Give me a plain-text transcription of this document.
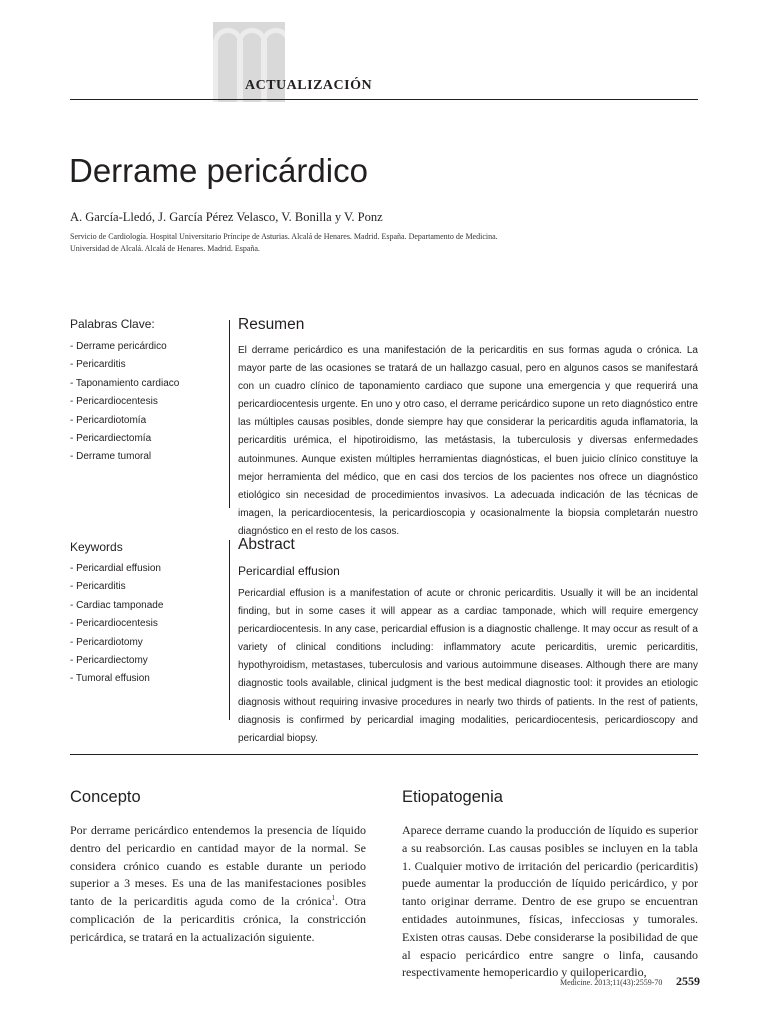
ACTUALIZACIÓN
Derrame pericárdico
A. García-Lledó, J. García Pérez Velasco, V. Bonilla y V. Ponz
Servicio de Cardiología. Hospital Universitario Príncipe de Asturias. Alcalá de Henares. Madrid. España. Departamento de Medicina. Universidad de Alcalá. Alcalá de Henares. Madrid. España.
Palabras Clave:
- Derrame pericárdico
- Pericarditis
- Taponamiento cardiaco
- Pericardiocentesis
- Pericardiotomía
- Pericardiectomía
- Derrame tumoral
Keywords
- Pericardial effusion
- Pericarditis
- Cardiac tamponade
- Pericardiocentesis
- Pericardiotomy
- Pericardiectomy
- Tumoral effusion
Resumen

El derrame pericárdico es una manifestación de la pericarditis en sus formas aguda o crónica. La mayor parte de las ocasiones se tratará de un hallazgo casual, pero en algunos casos se manifestará con un cuadro clínico de taponamiento cardiaco que supone una emergencia y que requerirá una pericardiocentesis urgente. En uno y otro caso, el derrame pericárdico supone un reto diagnóstico entre las múltiples causas posibles, donde siempre hay que considerar la pericarditis aguda inflamatoria, la pericarditis urémica, el hipotiroidismo, las metástasis, la tuberculosis y diversas enfermedades autoinmunes. Aunque existen múltiples herramientas diagnósticas, el buen juicio clínico constituye la mejor herramienta del médico, que en casi dos tercios de los pacientes nos ofrece un diagnóstico etiológico sin necesidad de procedimientos invasivos. La adecuada indicación de las técnicas de imagen, la pericardiocentesis, la pericardioscopia y ocasionalmente la biopsia completarán nuestro diagnóstico en el resto de los casos.

Abstract
Pericardial effusion

Pericardial effusion is a manifestation of acute or chronic pericarditis. Usually it will be an incidental finding, but in some cases it will appear as a cardiac tamponade, which will require emergency pericardiocentesis. In any case, pericardial effusion is a diagnostic challenge. It may occur as result of a variety of clinical conditions including: inflammatory acute pericarditis, uremic pericarditis, hypothyroidism, metastases, tuberculosis and various autoimmune diseases. Although there are many diagnostic tools available, clinical judgment is the best medical diagnostic tool: it provides an etiologic diagnosis without requiring invasive procedures in nearly two thirds of patients. In the rest of patients, diagnosis is confirmed by pericardial imaging modalities, pericardiocentesis, pericardioscopy and pericardial biopsy.

Concepto

Por derrame pericárdico entendemos la presencia de líquido dentro del pericardio en cantidad mayor de la normal. Se considera crónico cuando es estable durante un periodo superior a 3 meses. Es una de las manifestaciones posibles tanto de la pericarditis aguda como de la crónica$^1$. Otra complicación de la pericarditis crónica, la constricción pericárdica, se tratará en la actualización siguiente.

Etiopatogenia

Aparece derrame cuando la producción de líquido es superior a su reabsorción. Las causas posibles se incluyen en la tabla 1. Cualquier motivo de irritación del pericardio (pericarditis) puede aumentar la producción de líquido pericárdico, y por tanto originar derrame. Dentro de ese grupo se encuentran entidades autoinmunes, físicas, infecciosas y tumorales. Existen otras causas. Debe considerarse la posibilidad de que al espacio pericárdico entre sangre o linfa, causando respectivamente hemopericardio y quilopericardio,

Medicine. 2013;11(43):2559-70 2559
